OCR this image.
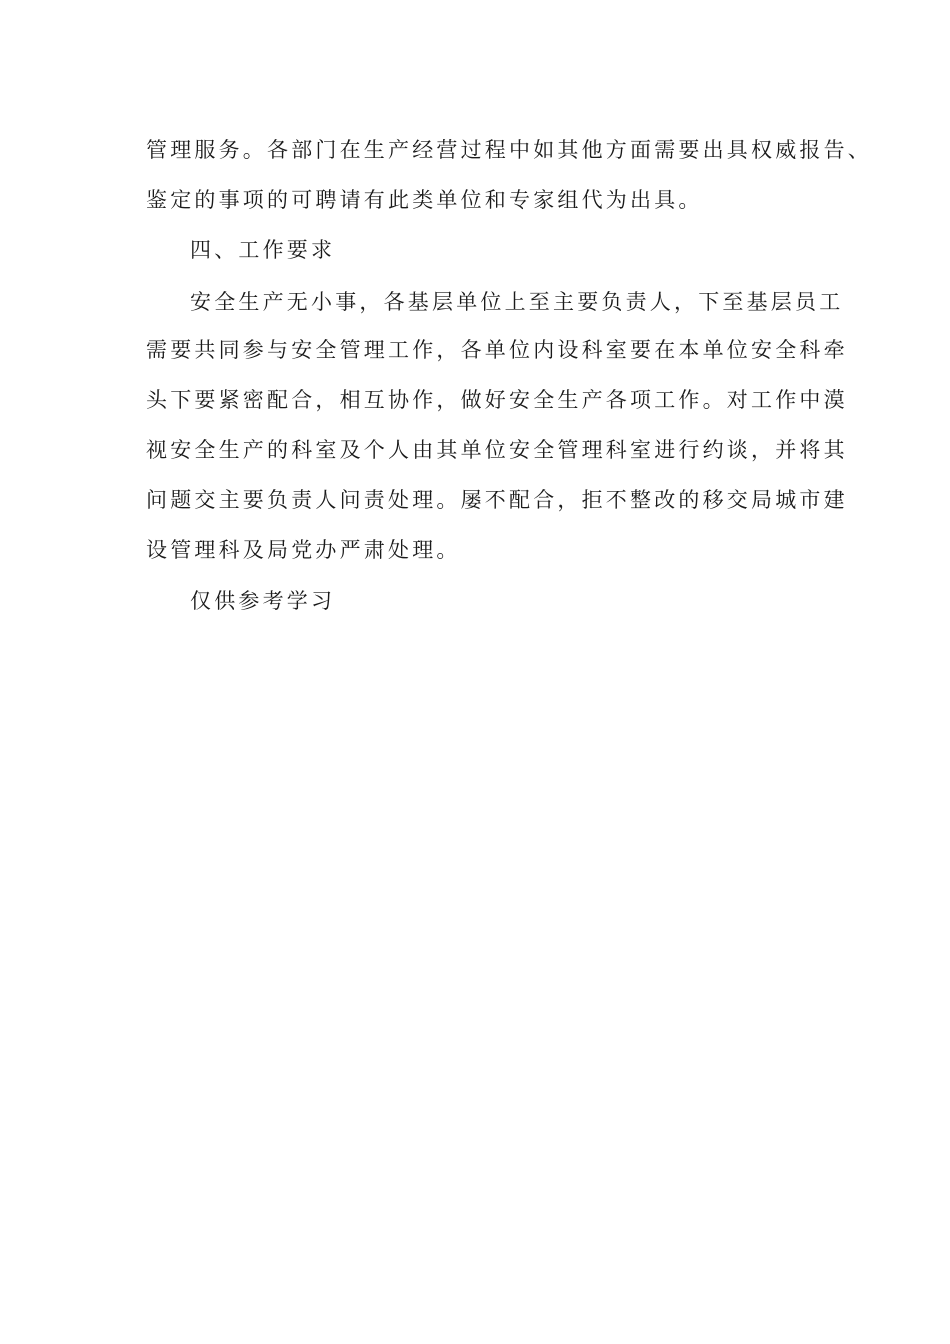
管理服务。各部门在生产经营过程中如其他方面需要出具权威报告、

鉴定的事项的可聘请有此类单位和专家组代为出具。

四、工作要求

安全生产无小事，各基层单位上至主要负责人，下至基层员工

需要共同参与安全管理工作，各单位内设科室要在本单位安全科牵

头下要紧密配合，相互协作，做好安全生产各项工作。对工作中漠

视安全生产的科室及个人由其单位安全管理科室进行约谈，并将其

问题交主要负责人问责处理。屡不配合，拒不整改的移交局城市建

设管理科及局党办严肃处理。

仅供参考学习
